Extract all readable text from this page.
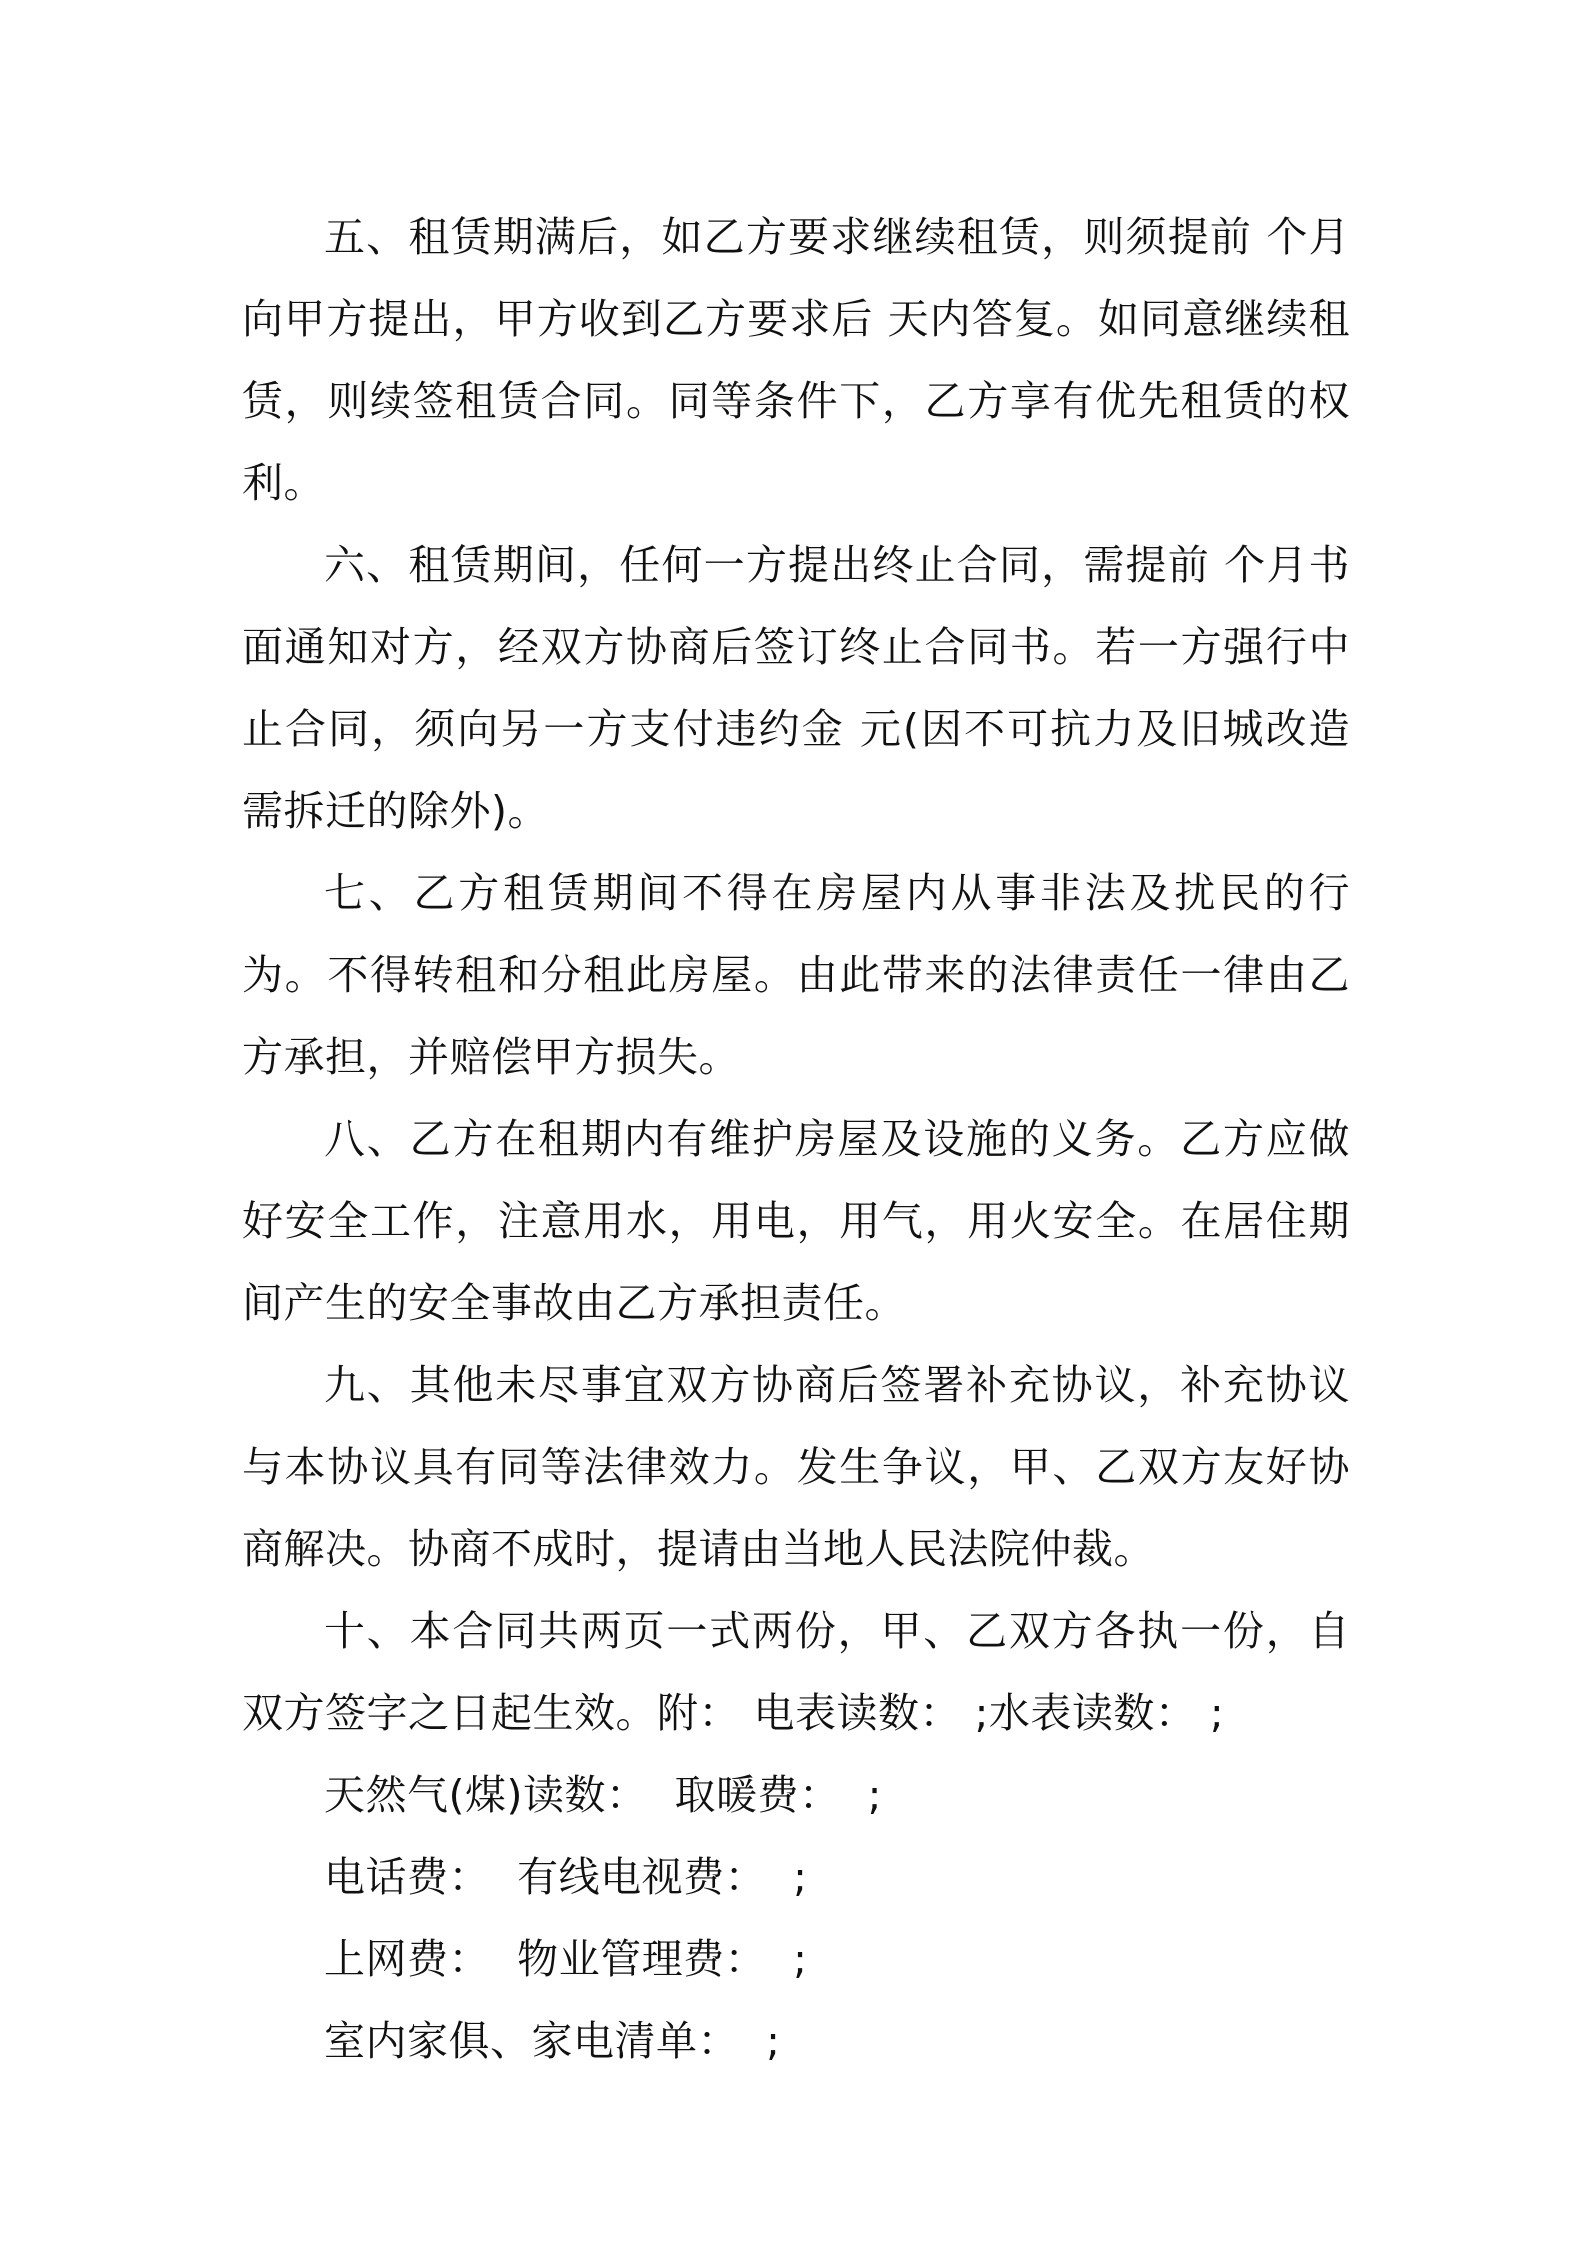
五、租赁期满后，如乙方要求继续租赁，则须提前 个月向甲方提出，甲方收到乙方要求后 天内答复。如同意继续租赁，则续签租赁合同。同等条件下，乙方享有优先租赁的权利。

六、租赁期间，任何一方提出终止合同，需提前 个月书面通知对方，经双方协商后签订终止合同书。若一方强行中止合同，须向另一方支付违约金 元(因不可抗力及旧城改造需拆迁的除外)。

七、乙方租赁期间不得在房屋内从事非法及扰民的行为。不得转租和分租此房屋。由此带来的法律责任一律由乙方承担，并赔偿甲方损失。

八、乙方在租期内有维护房屋及设施的义务。乙方应做好安全工作，注意用水，用电，用气，用火安全。在居住期间产生的安全事故由乙方承担责任。

九、其他未尽事宜双方协商后签署补充协议，补充协议与本协议具有同等法律效力。发生争议，甲、乙双方友好协商解决。协商不成时，提请由当地人民法院仲裁。

十、本合同共两页一式两份，甲、乙双方各执一份，自双方签字之日起生效。附： 电表读数： ;水表读数： ;

天然气(煤)读数：  取暖费：  ;

电话费：  有线电视费：  ;

上网费：  物业管理费：  ;

室内家俱、家电清单：  ;
